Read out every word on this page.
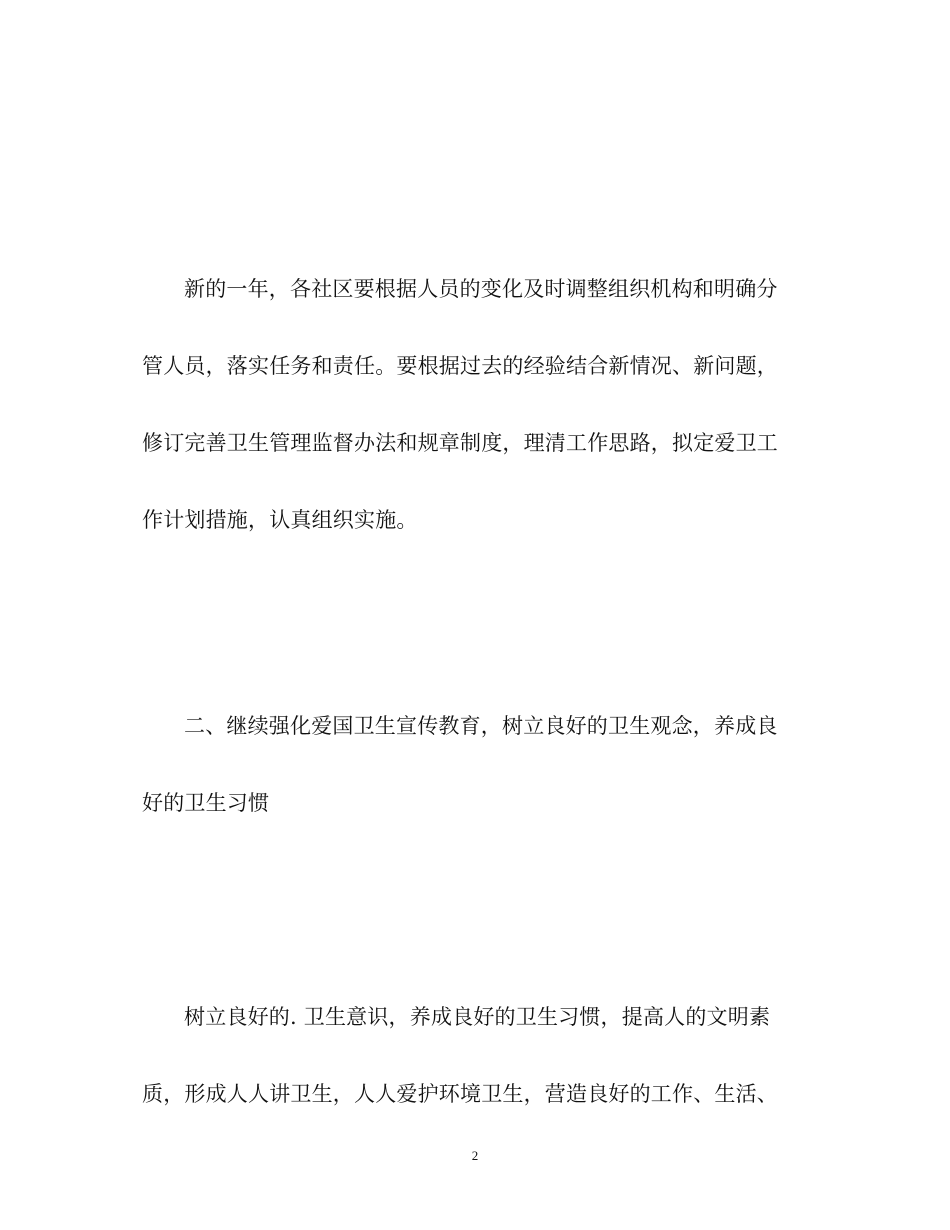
新的一年，各社区要根据人员的变化及时调整组织机构和明确分
管人员，落实任务和责任。要根据过去的经验结合新情况、新问题，
修订完善卫生管理监督办法和规章制度，理清工作思路，拟定爱卫工
作计划措施，认真组织实施。
二、继续强化爱国卫生宣传教育，树立良好的卫生观念，养成良
好的卫生习惯
树立良好的. 卫生意识，养成良好的卫生习惯，提高人的文明素
质，形成人人讲卫生，人人爱护环境卫生，营造良好的工作、生活、
2
